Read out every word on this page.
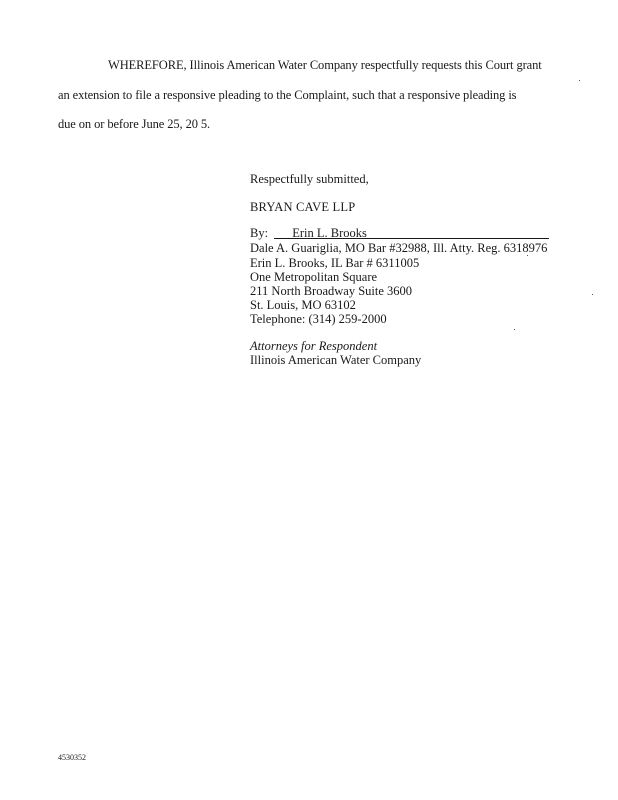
WHEREFORE, Illinois American Water Company respectfully requests this Court grant
an extension to file a responsive pleading to the Complaint, such that a responsive pleading is
due on or before June 25, 20 5.
Respectfully submitted,
BRYAN CAVE LLP
By: _Erin L. Brooks
Dale A. Guariglia, MO Bar #32988, Ill. Atty. Reg. 6318976
Erin L. Brooks, IL Bar # 6311005
One Metropolitan Square
211 North Broadway Suite 3600
St. Louis, MO 63102
Telephone: (314) 259-2000
Attorneys for Respondent
Illinois American Water Company
4530352
